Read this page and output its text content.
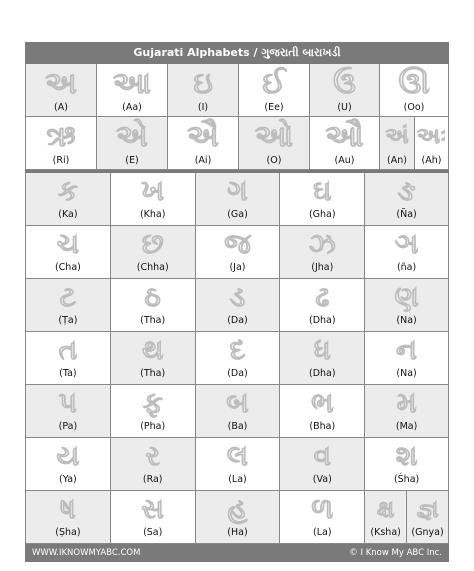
Gujarati Alphabets / ગુજરાતી બારાખડી
અ
(A)
આ
(Aa)
ઇ
(I)
ઈ
(Ee)
ઉ
(U)
ઊ
(Oo)
ઋ
(Ri)
એ
(E)
ઐ
(Ai)
ઓ
(O)
ઔ
(Au)
અં
(An)
અઃ
(Ah)
ક
(Ka)
ખ
(Kha)
ગ
(Ga)
ઘ
(Gha)
ઙ
(Ña)
ચ
(Cha)
છ
(Chha)
જ
(Ja)
ઝ
(Jha)
ઞ
(ña)
ટ
(Ṭa)
ઠ
(Tha)
ડ
(Da)
ઢ
(Dha)
ણ
(Na)
ત
(Ta)
થ
(Tha)
દ
(Da)
ધ
(Dha)
ન
(Na)
પ
(Pa)
ફ
(Pha)
બ
(Ba)
ભ
(Bha)
મ
(Ma)
ય
(Ya)
ર
(Ra)
લ
(La)
વ
(Va)
શ
(Śha)
ષ
(Ṣha)
સ
(Sa)
હ
(Ha)
ળ
(La)
ક્ષ
(Ksha)
જ્ઞ
(Gnya)
WWW.IKNOWMYABC.COM	© I Know My ABC Inc.
